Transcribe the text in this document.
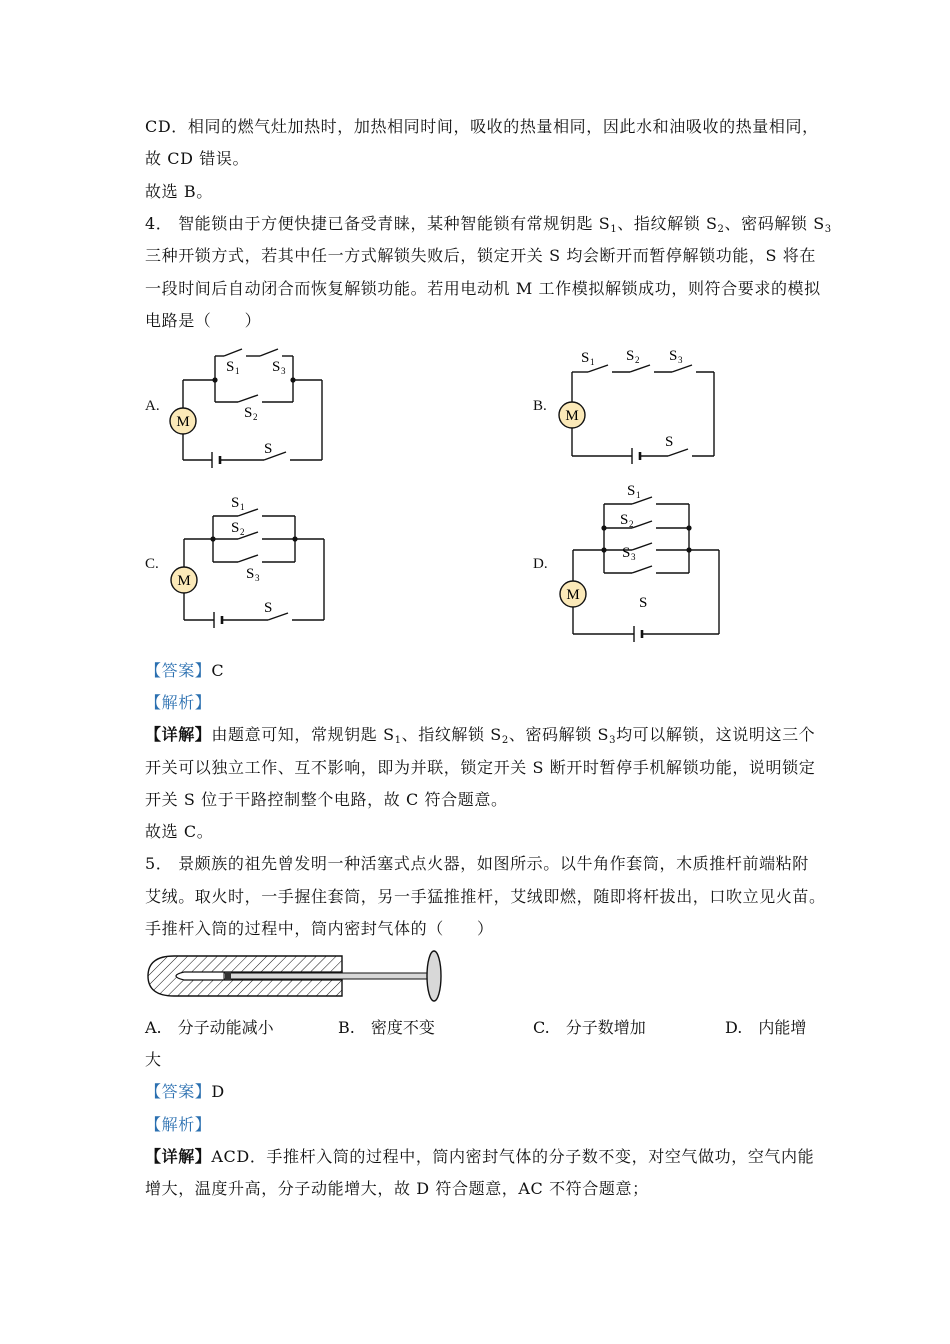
CD．相同的燃气灶加热时，加热相同时间，吸收的热量相同，因此水和油吸收的热量相同，
故 CD 错误。
故选 B。
4． 智能锁由于方便快捷已备受青睐，某种智能锁有常规钥匙 $S_1$、指纹解锁 $S_2$、密码解锁 $S_3$
三种开锁方式，若其中任一方式解锁失败后，锁定开关 S 均会断开而暂停解锁功能，S 将在
一段时间后自动闭合而恢复解锁功能。若用电动机 M 工作模拟解锁成功，则符合要求的模拟
电路是（　　）
A.	B.
C.	D.
M
S 1 S 3
S 2
S
M
S 1 S 2 S 3
S
M
S 1
S 2
S 3
S
M
S 1
S 2
S 3
S
【答案】C
【解析】
【详解】由题意可知，常规钥匙 $S_1$、指纹解锁 $S_2$、密码解锁 $S_3$均可以解锁，这说明这三个
开关可以独立工作、互不影响，即为并联，锁定开关 S 断开时暂停手机解锁功能，说明锁定
开关 S 位于干路控制整个电路，故 C 符合题意。
故选 C。
5． 景颇族的祖先曾发明一种活塞式点火器，如图所示。以牛角作套筒，木质推杆前端粘附
艾绒。取火时，一手握住套筒，另一手猛推推杆，艾绒即燃，随即将杆拔出，口吹立见火苗。
手推杆入筒的过程中，筒内密封气体的（　　）
A.　分子动能减小	B.　密度不变	C.　分子数增加	D.　内能增
大
【答案】D
【解析】
【详解】ACD．手推杆入筒的过程中，筒内密封气体的分子数不变，对空气做功，空气内能
增大，温度升高，分子动能增大，故 D 符合题意，AC 不符合题意；
